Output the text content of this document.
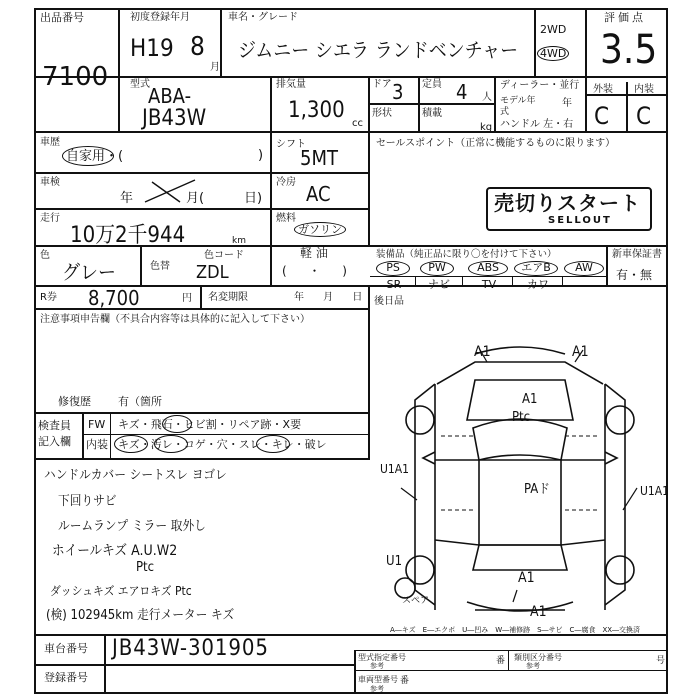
出品番号
7100
初度登録年月
H19 8
月
車名・グレード
ジムニー シエラ ランドベンチャー
2WD
4WD
評価点
3.5
外装 内装
C C
型式
ABA-
JB43W
排気量
1,300
cc
ドア 3 定員 4 人
形状	積載
kg
ディーラー・並行
モデル年式
年
ハンドル 左・右
車歴
自家用・(	)
シフト
5MT
車検
年	月(	日)
冷房 AC
走行
10万2千944	km
燃料
ガソリン
軽 油
( ・ )
色
グレー	色替
色コード
ZDL
R券 8,700	円 名変期限	年 月 日
セールスポイント（正常に機能するものに限ります）
売切りスタート
SELLOUT
装備品（純正品に限り〇を付けて下さい）	新車保証書
有・無
PS	PW	ABS	エアB	AW
SR	ナビ	TV	カワ
後日品
注意事項申告欄（不具合内容等は具体的に記入して下さい）
修復歴 有（箇所
検査員
記入欄
FW キズ・飛石・ヒビ割・リペア跡・X要
内装 キズ・汚レ・コゲ・穴・スレ・キレ・破レ
ハンドルカバー シートスレ ヨゴレ
下回りサビ
ルームランプ ミラー 取外し
ホイールキズ A.U.W2
Ptc
ダッシュキズ エアロキズ Ptc
(検) 102945km 走行メーター キズ
A1	A1
A1
Ptc
U1A1
PAド	U1A1
U1
A1
A1
スペア
A―キズ　E―エクボ　U―凹み　W―補修跡　S―サビ　C―腐食　XX―交換済
車台番号 JB43W-301905
登録番号
型式指定番号
参考	番 類別区分番号
参考	号
車両型番号
参考
番
